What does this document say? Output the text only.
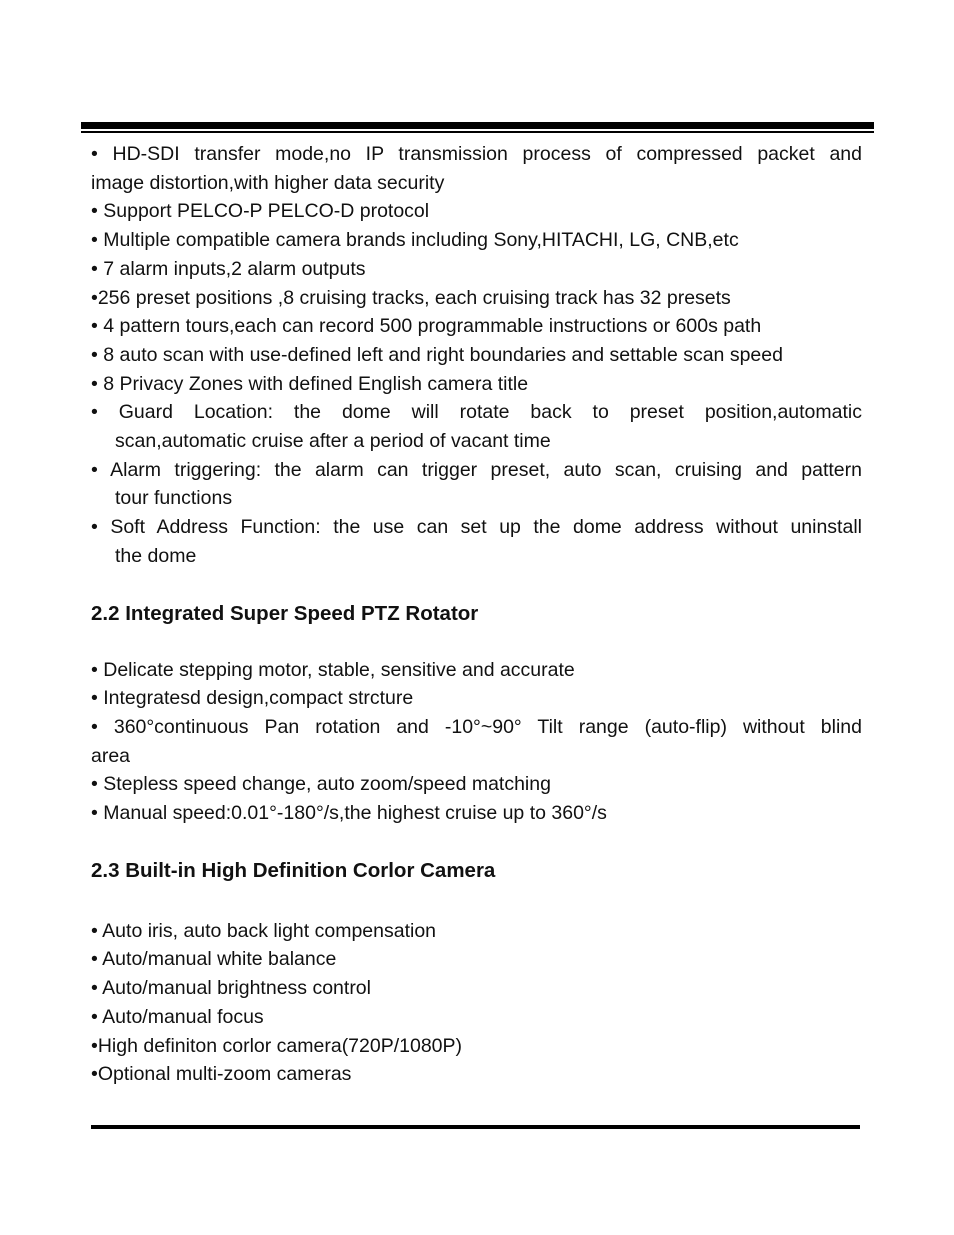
• HD-SDI transfer mode,no IP transmission process of compressed packet and
image distortion,with higher data security
• Support PELCO-P PELCO-D protocol
• Multiple compatible camera brands including Sony,HITACHI, LG, CNB,etc
• 7 alarm inputs,2 alarm outputs
•256 preset positions ,8 cruising tracks, each cruising track has 32 presets
• 4 pattern tours,each can record 500 programmable instructions or 600s path
• 8 auto scan with use-defined left and right boundaries and settable scan speed
• 8 Privacy Zones with defined English camera title
• Guard Location: the dome will rotate back to preset position,automatic
scan,automatic cruise after a period of vacant time
• Alarm triggering: the alarm can trigger preset, auto scan, cruising and pattern
tour functions
• Soft Address Function: the use can set up the dome address without uninstall
the dome
2.2 Integrated Super Speed PTZ Rotator
• Delicate stepping motor, stable, sensitive and accurate
• Integratesd design,compact strcture
• 360°continuous Pan rotation and -10°~90° Tilt range (auto-flip) without blind
area
• Stepless speed change, auto zoom/speed matching
• Manual speed:0.01°-180°/s,the highest cruise up to 360°/s
2.3 Built-in High Definition Corlor Camera
• Auto iris, auto back light compensation
• Auto/manual white balance
• Auto/manual brightness control
• Auto/manual focus
•High definiton corlor camera(720P/1080P)
•Optional multi-zoom cameras
